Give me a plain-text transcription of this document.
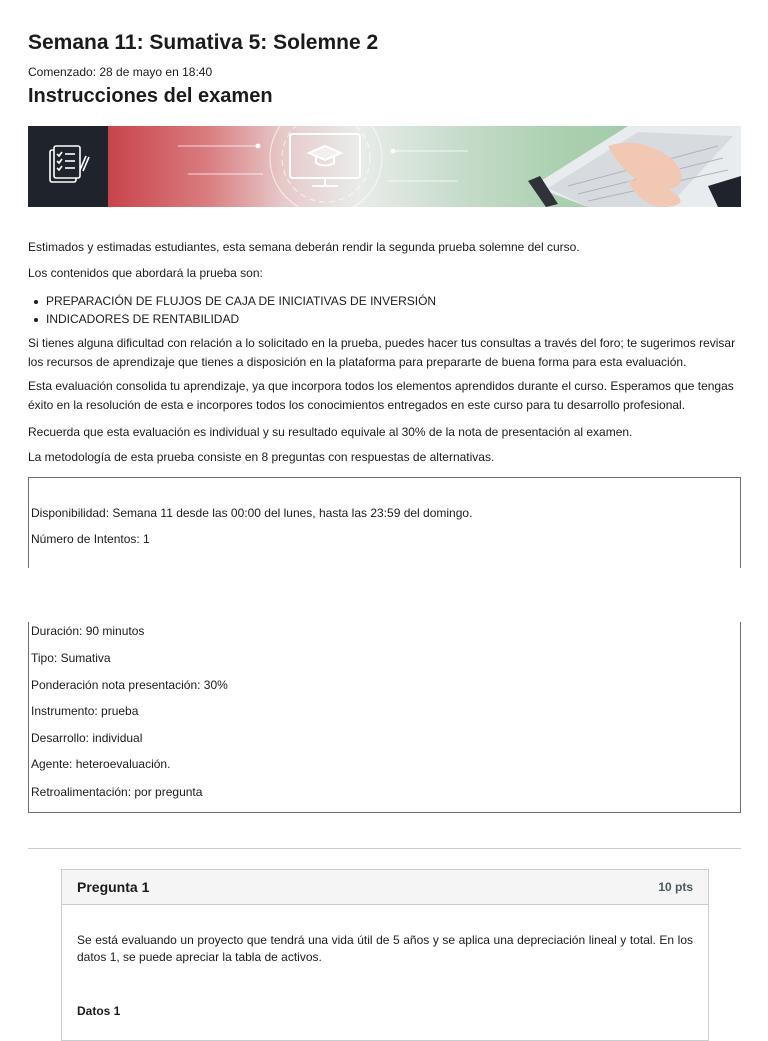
Semana 11: Sumativa 5: Solemne 2
Comenzado: 28 de mayo en 18:40
Instrucciones del examen

Estimados y estimadas estudiantes, esta semana deberán rendir la segunda prueba solemne del curso.

Los contenidos que abordará la prueba son:

PREPARACIÓN DE FLUJOS DE CAJA DE INICIATIVAS DE INVERSIÓN
INDICADORES DE RENTABILIDAD

Si tienes alguna dificultad con relación a lo solicitado en la prueba, puedes hacer tus consultas a través del foro; te sugerimos revisar los recursos de aprendizaje que tienes a disposición en la plataforma para prepararte de buena forma para esta evaluación.

Esta evaluación consolida tu aprendizaje, ya que incorpora todos los elementos aprendidos durante el curso. Esperamos que tengas éxito en la resolución de esta e incorpores todos los conocimientos entregados en este curso para tu desarrollo profesional.

Recuerda que esta evaluación es individual y su resultado equivale al 30% de la nota de presentación al examen.

La metodología de esta prueba consiste en 8 preguntas con respuestas de alternativas.

Disponibilidad: Semana 11 desde las 00:00 del lunes, hasta las 23:59 del domingo.
Número de Intentos: 1
Duración: 90 minutos
Tipo: Sumativa
Ponderación nota presentación: 30%
Instrumento: prueba
Desarrollo: individual
Agente: heteroevaluación.
Retroalimentación: por pregunta
Pregunta 1	10 pts
Se está evaluando un proyecto que tendrá una vida útil de 5 años y se aplica una depreciación lineal y total. En los datos 1, se puede apreciar la tabla de activos.
Datos 1
